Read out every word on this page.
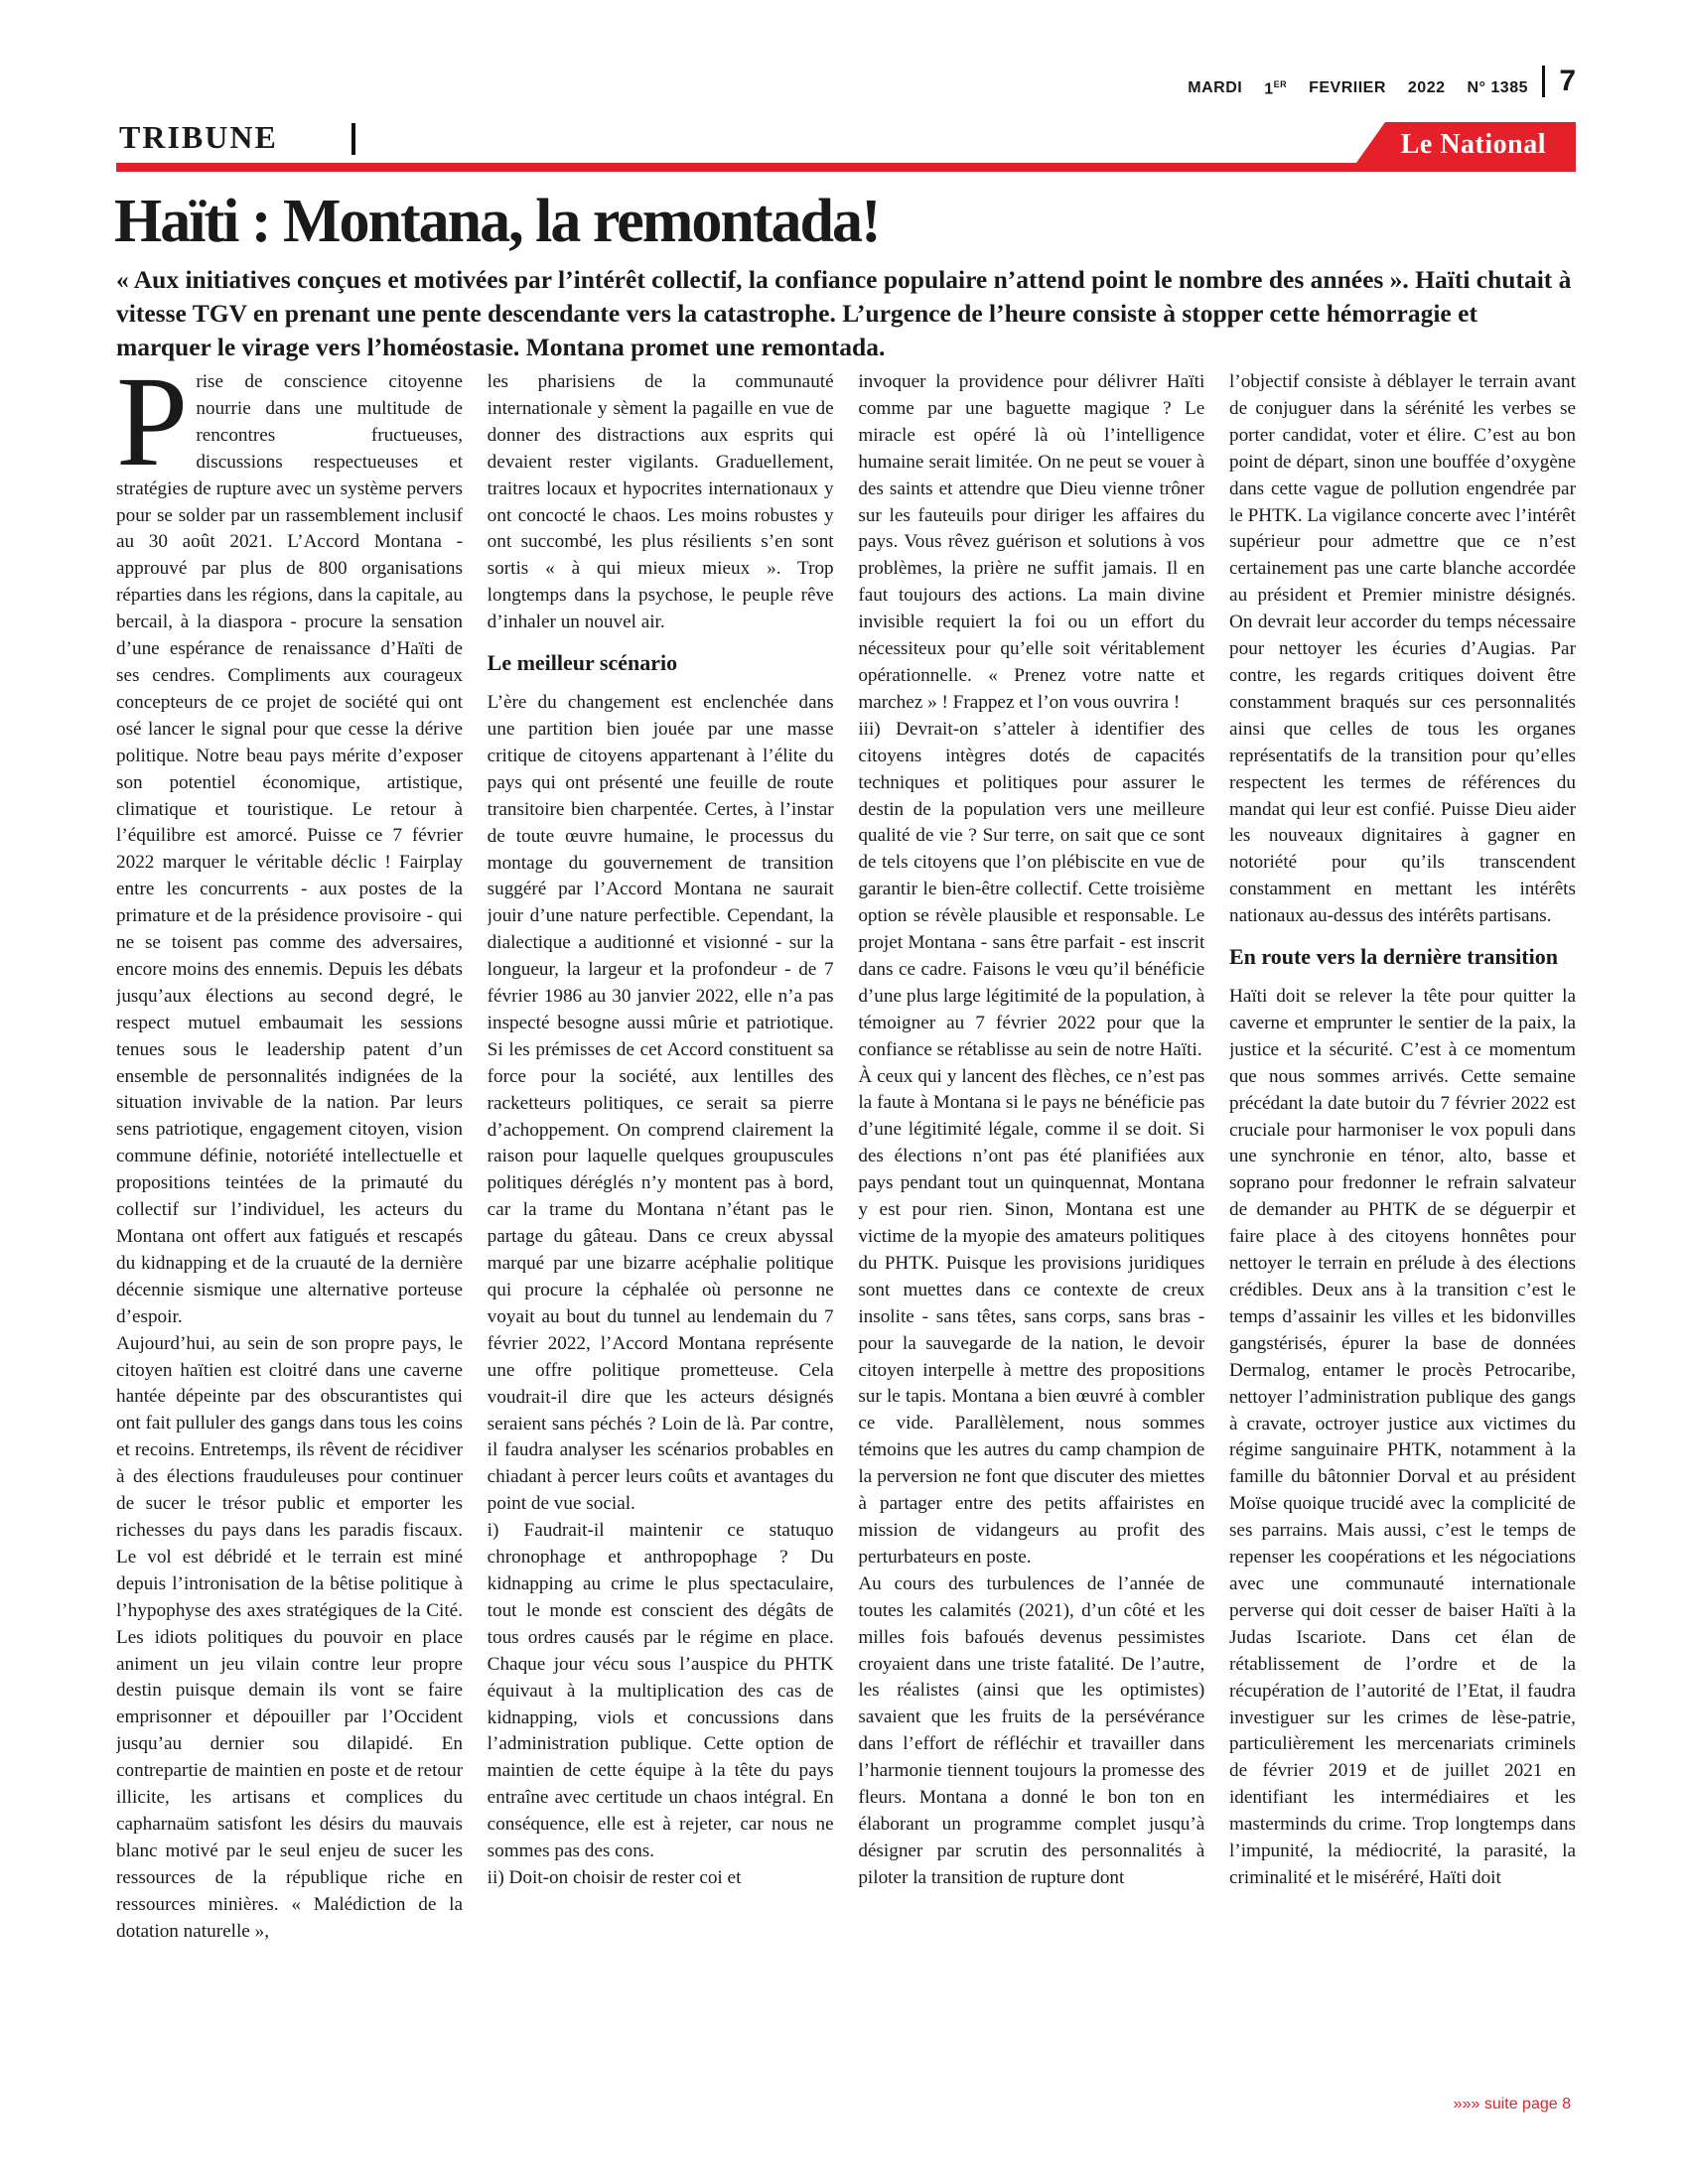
MARDI 1ER FEVRIIER 2022 N° 1385	7
TRIBUNE	Le National
Haïti : Montana, la remontada!

« Aux initiatives conçues et motivées par l’intérêt collectif, la confiance populaire n’attend point le nombre des années ». Haïti chutait à vitesse TGV en prenant une pente descendante vers la catastrophe. L’urgence de l’heure consiste à stopper cette hémorragie et marquer le virage vers l’homéostasie. Montana promet une remontada.

Prise de conscience citoyenne nourrie dans une multitude de rencontres fructueuses, discussions respectueuses et stratégies de rupture avec un système pervers pour se solder par un rassemblement inclusif au 30 août 2021. L’Accord Montana - approuvé par plus de 800 organisations réparties dans les régions, dans la capitale, au bercail, à la diaspora - procure la sensation d’une espérance de renaissance d’Haïti de ses cendres. Compliments aux courageux concepteurs de ce projet de société qui ont osé lancer le signal pour que cesse la dérive politique. Notre beau pays mérite d’exposer son potentiel économique, artistique, climatique et touristique. Le retour à l’équilibre est amorcé. Puisse ce 7 février 2022 marquer le véritable déclic ! Fairplay entre les concurrents - aux postes de la primature et de la présidence provisoire - qui ne se toisent pas comme des adversaires, encore moins des ennemis. Depuis les débats jusqu’aux élections au second degré, le respect mutuel embaumait les sessions tenues sous le leadership patent d’un ensemble de personnalités indignées de la situation invivable de la nation. Par leurs sens patriotique, engagement citoyen, vision commune définie, notoriété intellectuelle et propositions teintées de la primauté du collectif sur l’individuel, les acteurs du Montana ont offert aux fatigués et rescapés du kidnapping et de la cruauté de la dernière décennie sismique une alternative porteuse d’espoir.

Aujourd’hui, au sein de son propre pays, le citoyen haïtien est cloitré dans une caverne hantée dépeinte par des obscurantistes qui ont fait pulluler des gangs dans tous les coins et recoins. Entretemps, ils rêvent de récidiver à des élections frauduleuses pour continuer de sucer le trésor public et emporter les richesses du pays dans les paradis fiscaux. Le vol est débridé et le terrain est miné depuis l’intronisation de la bêtise politique à l’hypophyse des axes stratégiques de la Cité. Les idiots politiques du pouvoir en place animent un jeu vilain contre leur propre destin puisque demain ils vont se faire emprisonner et dépouiller par l’Occident jusqu’au dernier sou dilapidé. En contrepartie de maintien en poste et de retour illicite, les artisans et complices du capharnaüm satisfont les désirs du mauvais blanc motivé par le seul enjeu de sucer les ressources de la république riche en ressources minières. « Malédiction de la dotation naturelle »,

les pharisiens de la communauté internationale y sèment la pagaille en vue de donner des distractions aux esprits qui devaient rester vigilants. Graduellement, traitres locaux et hypocrites internationaux y ont concocté le chaos. Les moins robustes y ont succombé, les plus résilients s’en sont sortis « à qui mieux mieux ». Trop longtemps dans la psychose, le peuple rêve d’inhaler un nouvel air.

Le meilleur scénario

L’ère du changement est enclenchée dans une partition bien jouée par une masse critique de citoyens appartenant à l’élite du pays qui ont présenté une feuille de route transitoire bien charpentée. Certes, à l’instar de toute œuvre humaine, le processus du montage du gouvernement de transition suggéré par l’Accord Montana ne saurait jouir d’une nature perfectible. Cependant, la dialectique a auditionné et visionné - sur la longueur, la largeur et la profondeur - de 7 février 1986 au 30 janvier 2022, elle n’a pas inspecté besogne aussi mûrie et patriotique. Si les prémisses de cet Accord constituent sa force pour la société, aux lentilles des racketteurs politiques, ce serait sa pierre d’achoppement. On comprend clairement la raison pour laquelle quelques groupuscules politiques déréglés n’y montent pas à bord, car la trame du Montana n’étant pas le partage du gâteau. Dans ce creux abyssal marqué par une bizarre acéphalie politique qui procure la céphalée où personne ne voyait au bout du tunnel au lendemain du 7 février 2022, l’Accord Montana représente une offre politique prometteuse. Cela voudrait-il dire que les acteurs désignés seraient sans péchés ? Loin de là. Par contre, il faudra analyser les scénarios probables en chiadant à percer leurs coûts et avantages du point de vue social.

i) Faudrait-il maintenir ce statuquo chronophage et anthropophage ? Du kidnapping au crime le plus spectaculaire, tout le monde est conscient des dégâts de tous ordres causés par le régime en place. Chaque jour vécu sous l’auspice du PHTK équivaut à la multiplication des cas de kidnapping, viols et concussions dans l’administration publique. Cette option de maintien de cette équipe à la tête du pays entraîne avec certitude un chaos intégral. En conséquence, elle est à rejeter, car nous ne sommes pas des cons.

ii) Doit-on choisir de rester coi et

invoquer la providence pour délivrer Haïti comme par une baguette magique ? Le miracle est opéré là où l’intelligence humaine serait limitée. On ne peut se vouer à des saints et attendre que Dieu vienne trôner sur les fauteuils pour diriger les affaires du pays. Vous rêvez guérison et solutions à vos problèmes, la prière ne suffit jamais. Il en faut toujours des actions. La main divine invisible requiert la foi ou un effort du nécessiteux pour qu’elle soit véritablement opérationnelle. « Prenez votre natte et marchez » ! Frappez et l’on vous ouvrira !

iii) Devrait-on s’atteler à identifier des citoyens intègres dotés de capacités techniques et politiques pour assurer le destin de la population vers une meilleure qualité de vie ? Sur terre, on sait que ce sont de tels citoyens que l’on plébiscite en vue de garantir le bien-être collectif. Cette troisième option se révèle plausible et responsable. Le projet Montana - sans être parfait - est inscrit dans ce cadre. Faisons le vœu qu’il bénéficie d’une plus large légitimité de la population, à témoigner au 7 février 2022 pour que la confiance se rétablisse au sein de notre Haïti.

À ceux qui y lancent des flèches, ce n’est pas la faute à Montana si le pays ne bénéficie pas d’une légitimité légale, comme il se doit. Si des élections n’ont pas été planifiées aux pays pendant tout un quinquennat, Montana y est pour rien. Sinon, Montana est une victime de la myopie des amateurs politiques du PHTK. Puisque les provisions juridiques sont muettes dans ce contexte de creux insolite - sans têtes, sans corps, sans bras - pour la sauvegarde de la nation, le devoir citoyen interpelle à mettre des propositions sur le tapis. Montana a bien œuvré à combler ce vide. Parallèlement, nous sommes témoins que les autres du camp champion de la perversion ne font que discuter des miettes à partager entre des petits affairistes en mission de vidangeurs au profit des perturbateurs en poste.

Au cours des turbulences de l’année de toutes les calamités (2021), d’un côté et les milles fois bafoués devenus pessimistes croyaient dans une triste fatalité. De l’autre, les réalistes (ainsi que les optimistes) savaient que les fruits de la persévérance dans l’effort de réfléchir et travailler dans l’harmonie tiennent toujours la promesse des fleurs. Montana a donné le bon ton en élaborant un programme complet jusqu’à désigner par scrutin des personnalités à piloter la transition de rupture dont

l’objectif consiste à déblayer le terrain avant de conjuguer dans la sérénité les verbes se porter candidat, voter et élire. C’est au bon point de départ, sinon une bouffée d’oxygène dans cette vague de pollution engendrée par le PHTK. La vigilance concerte avec l’intérêt supérieur pour admettre que ce n’est certainement pas une carte blanche accordée au président et Premier ministre désignés. On devrait leur accorder du temps nécessaire pour nettoyer les écuries d’Augias. Par contre, les regards critiques doivent être constamment braqués sur ces personnalités ainsi que celles de tous les organes représentatifs de la transition pour qu’elles respectent les termes de références du mandat qui leur est confié. Puisse Dieu aider les nouveaux dignitaires à gagner en notoriété pour qu’ils transcendent constamment en mettant les intérêts nationaux au-dessus des intérêts partisans.

En route vers la dernière transition

Haïti doit se relever la tête pour quitter la caverne et emprunter le sentier de la paix, la justice et la sécurité. C’est à ce momentum que nous sommes arrivés. Cette semaine précédant la date butoir du 7 février 2022 est cruciale pour harmoniser le vox populi dans une synchronie en ténor, alto, basse et soprano pour fredonner le refrain salvateur de demander au PHTK de se déguerpir et faire place à des citoyens honnêtes pour nettoyer le terrain en prélude à des élections crédibles. Deux ans à la transition c’est le temps d’assainir les villes et les bidonvilles gangstérisés, épurer la base de données Dermalog, entamer le procès Petrocaribe, nettoyer l’administration publique des gangs à cravate, octroyer justice aux victimes du régime sanguinaire PHTK, notamment à la famille du bâtonnier Dorval et au président Moïse quoique trucidé avec la complicité de ses parrains. Mais aussi, c’est le temps de repenser les coopérations et les négociations avec une communauté internationale perverse qui doit cesser de baiser Haïti à la Judas Iscariote. Dans cet élan de rétablissement de l’ordre et de la récupération de l’autorité de l’Etat, il faudra investiguer sur les crimes de lèse-patrie, particulièrement les mercenariats criminels de février 2019 et de juillet 2021 en identifiant les intermédiaires et les masterminds du crime. Trop longtemps dans l’impunité, la médiocrité, la parasité, la criminalité et le miséréré, Haïti doit

»»» suite page 8
